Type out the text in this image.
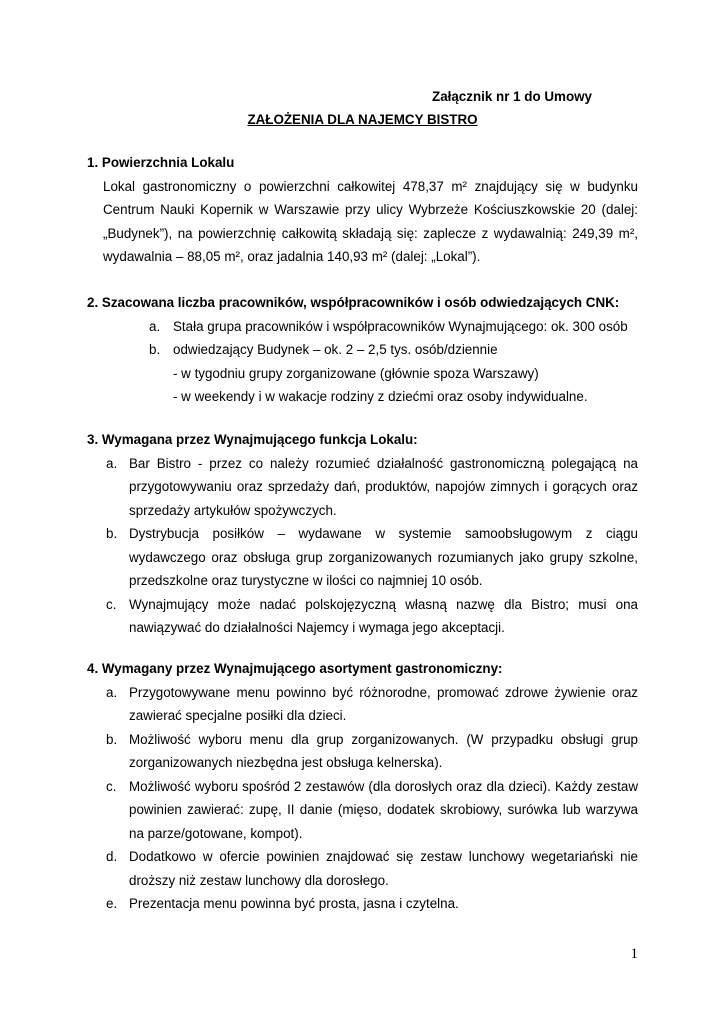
Załącznik nr 1 do Umowy
ZAŁOŻENIA DLA NAJEMCY BISTRO
1. Powierzchnia Lokalu
Lokal gastronomiczny o powierzchni całkowitej 478,37 m² znajdujący się w budynku Centrum Nauki Kopernik w Warszawie przy ulicy Wybrzeże Kościuszkowskie 20 (dalej: „Budynek”), na powierzchnię całkowitą składają się: zaplecze z wydawalnią: 249,39 m², wydawalnia – 88,05 m², oraz jadalnia 140,93 m² (dalej: „Lokal”).
2. Szacowana liczba pracowników, współpracowników i osób odwiedzających CNK:
a. Stała grupa pracowników i współpracowników Wynajmującego: ok. 300 osób
b. odwiedzający Budynek – ok. 2 – 2,5 tys. osób/dziennie
- w tygodniu grupy zorganizowane (głównie spoza Warszawy)
- w weekendy i w wakacje rodziny z dziećmi oraz osoby indywidualne.
3. Wymagana przez Wynajmującego funkcja Lokalu:
a. Bar Bistro - przez co należy rozumieć działalność gastronomiczną polegającą na przygotowywaniu oraz sprzedaży dań, produktów, napojów zimnych i gorących oraz sprzedaży artykułów spożywczych.
b. Dystrybucja posiłków – wydawane w systemie samoobsługowym z ciągu wydawczego oraz obsługa grup zorganizowanych rozumianych jako grupy szkolne, przedszkolne oraz turystyczne w ilości co najmniej 10 osób.
c. Wynajmujący może nadać polskojęzyczną własną nazwę dla Bistro; musi ona nawiązywać do działalności Najemcy i wymaga jego akceptacji.
4. Wymagany przez Wynajmującego asortyment gastronomiczny:
a. Przygotowywane menu powinno być różnorodne, promować zdrowe żywienie oraz zawierać specjalne posiłki dla dzieci.
b. Możliwość wyboru menu dla grup zorganizowanych. (W przypadku obsługi grup zorganizowanych niezbędna jest obsługa kelnerska).
c. Możliwość wyboru spośród 2 zestawów (dla dorosłych oraz dla dzieci). Każdy zestaw powinien zawierać: zupę, II danie (mięso, dodatek skrobiowy, surówka lub warzywa na parze/gotowane, kompot).
d. Dodatkowo w ofercie powinien znajdować się zestaw lunchowy wegetariański nie droższy niż zestaw lunchowy dla dorosłego.
e. Prezentacja menu powinna być prosta, jasna i czytelna.
1
